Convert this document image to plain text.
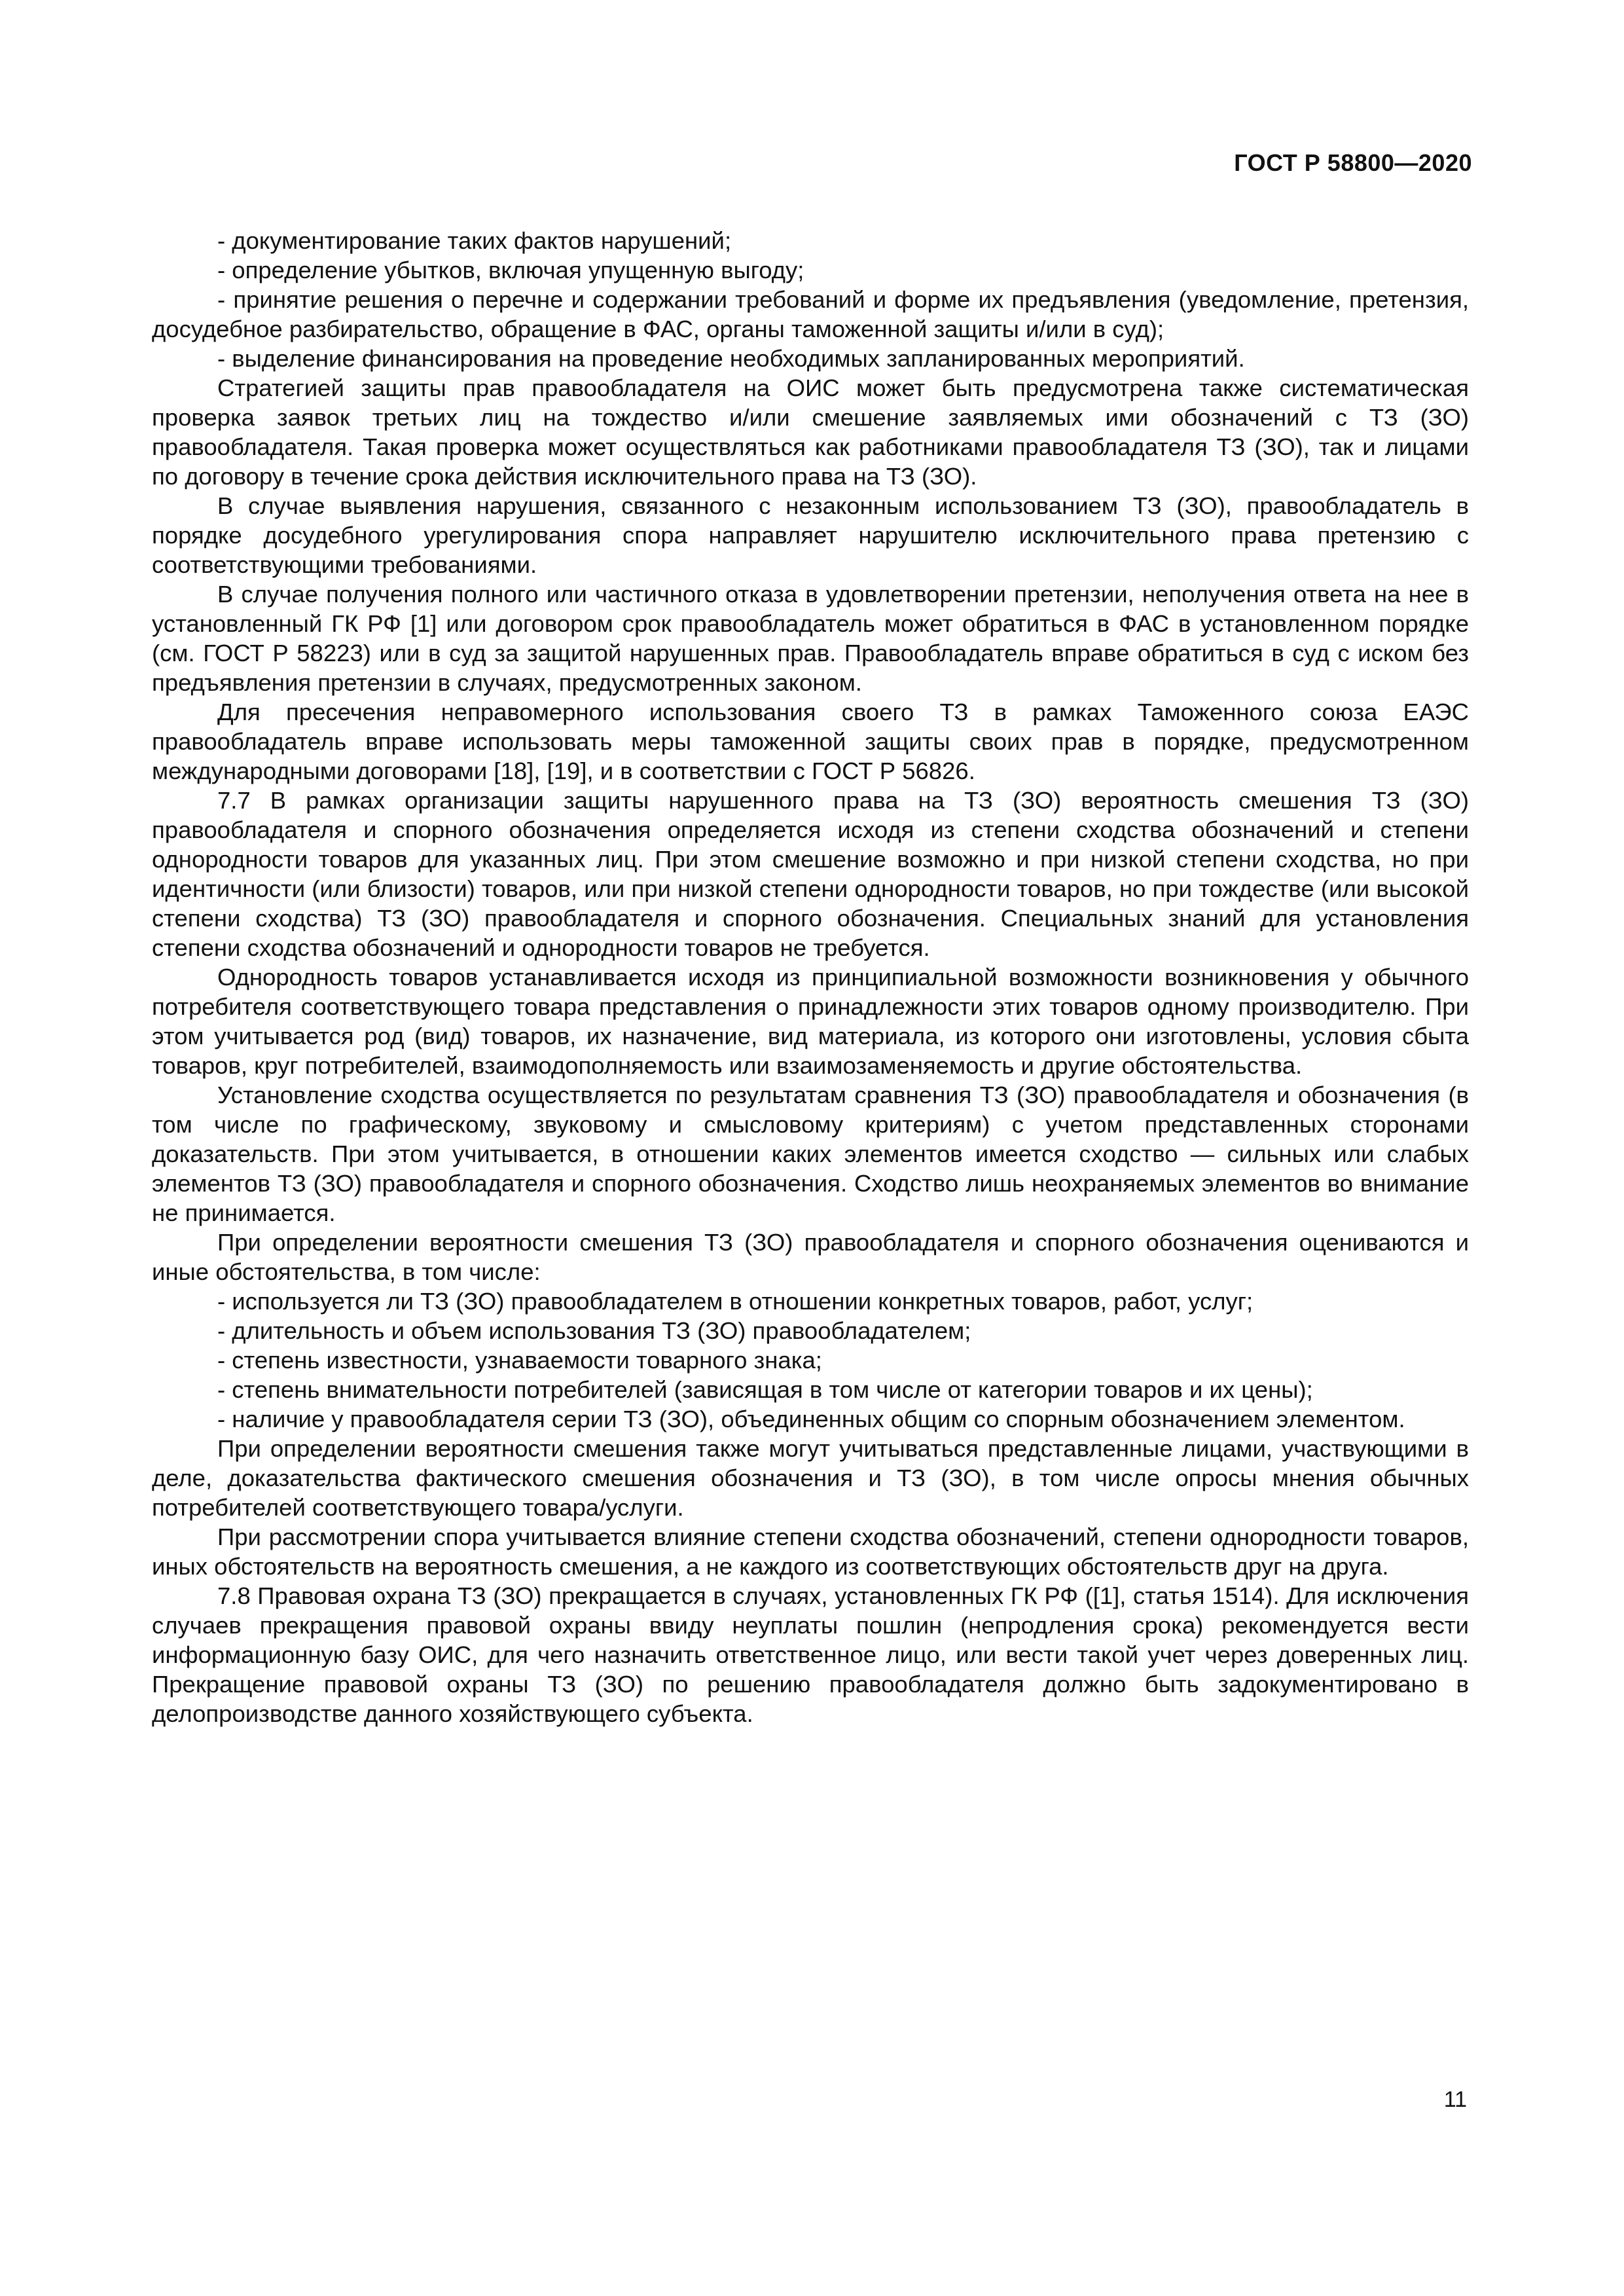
ГОСТ Р 58800—2020

- документирование таких фактов нарушений;

- определение убытков, включая упущенную выгоду;

- принятие решения о перечне и содержании требований и форме их предъявления (уведомление, претензия, досудебное разбирательство, обращение в ФАС, органы таможенной защиты и/или в суд);

- выделение финансирования на проведение необходимых запланированных мероприятий.

Стратегией защиты прав правообладателя на ОИС может быть предусмотрена также систематическая проверка заявок третьих лиц на тождество и/или смешение заявляемых ими обозначений с ТЗ (ЗО) правообладателя. Такая проверка может осуществляться как работниками правообладателя ТЗ (ЗО), так и лицами по договору в течение срока действия исключительного права на ТЗ (ЗО).

В случае выявления нарушения, связанного с незаконным использованием ТЗ (ЗО), правообладатель в порядке досудебного урегулирования спора направляет нарушителю исключительного права претензию с соответствующими требованиями.

В случае получения полного или частичного отказа в удовлетворении претензии, неполучения ответа на нее в установленный ГК РФ [1] или договором срок правообладатель может обратиться в ФАС в установленном порядке (см. ГОСТ Р 58223) или в суд за защитой нарушенных прав. Правообладатель вправе обратиться в суд с иском без предъявления претензии в случаях, предусмотренных законом.

Для пресечения неправомерного использования своего ТЗ в рамках Таможенного союза ЕАЭС правообладатель вправе использовать меры таможенной защиты своих прав в порядке, предусмотренном международными договорами [18], [19], и в соответствии с ГОСТ Р 56826.

7.7 В рамках организации защиты нарушенного права на ТЗ (ЗО) вероятность смешения ТЗ (ЗО) правообладателя и спорного обозначения определяется исходя из степени сходства обозначений и степени однородности товаров для указанных лиц. При этом смешение возможно и при низкой степени сходства, но при идентичности (или близости) товаров, или при низкой степени однородности товаров, но при тождестве (или высокой степени сходства) ТЗ (ЗО) правообладателя и спорного обозначения. Специальных знаний для установления степени сходства обозначений и однородности товаров не требуется.

Однородность товаров устанавливается исходя из принципиальной возможности возникновения у обычного потребителя соответствующего товара представления о принадлежности этих товаров одному производителю. При этом учитывается род (вид) товаров, их назначение, вид материала, из которого они изготовлены, условия сбыта товаров, круг потребителей, взаимодополняемость или взаимозаменяемость и другие обстоятельства.

Установление сходства осуществляется по результатам сравнения ТЗ (ЗО) правообладателя и обозначения (в том числе по графическому, звуковому и смысловому критериям) с учетом представленных сторонами доказательств. При этом учитывается, в отношении каких элементов имеется сходство — сильных или слабых элементов ТЗ (ЗО) правообладателя и спорного обозначения. Сходство лишь неохраняемых элементов во внимание не принимается.

При определении вероятности смешения ТЗ (ЗО) правообладателя и спорного обозначения оцениваются и иные обстоятельства, в том числе:

- используется ли ТЗ (ЗО) правообладателем в отношении конкретных товаров, работ, услуг;

- длительность и объем использования ТЗ (ЗО) правообладателем;

- степень известности, узнаваемости товарного знака;

- степень внимательности потребителей (зависящая в том числе от категории товаров и их цены);

- наличие у правообладателя серии ТЗ (ЗО), объединенных общим со спорным обозначением элементом.

При определении вероятности смешения также могут учитываться представленные лицами, участвующими в деле, доказательства фактического смешения обозначения и ТЗ (ЗО), в том числе опросы мнения обычных потребителей соответствующего товара/услуги.

При рассмотрении спора учитывается влияние степени сходства обозначений, степени однородности товаров, иных обстоятельств на вероятность смешения, а не каждого из соответствующих обстоятельств друг на друга.

7.8 Правовая охрана ТЗ (ЗО) прекращается в случаях, установленных ГК РФ ([1], статья 1514). Для исключения случаев прекращения правовой охраны ввиду неуплаты пошлин (непродления срока) рекомендуется вести информационную базу ОИС, для чего назначить ответственное лицо, или вести такой учет через доверенных лиц. Прекращение правовой охраны ТЗ (ЗО) по решению правообладателя должно быть задокументировано в делопроизводстве данного хозяйствующего субъекта.

11
